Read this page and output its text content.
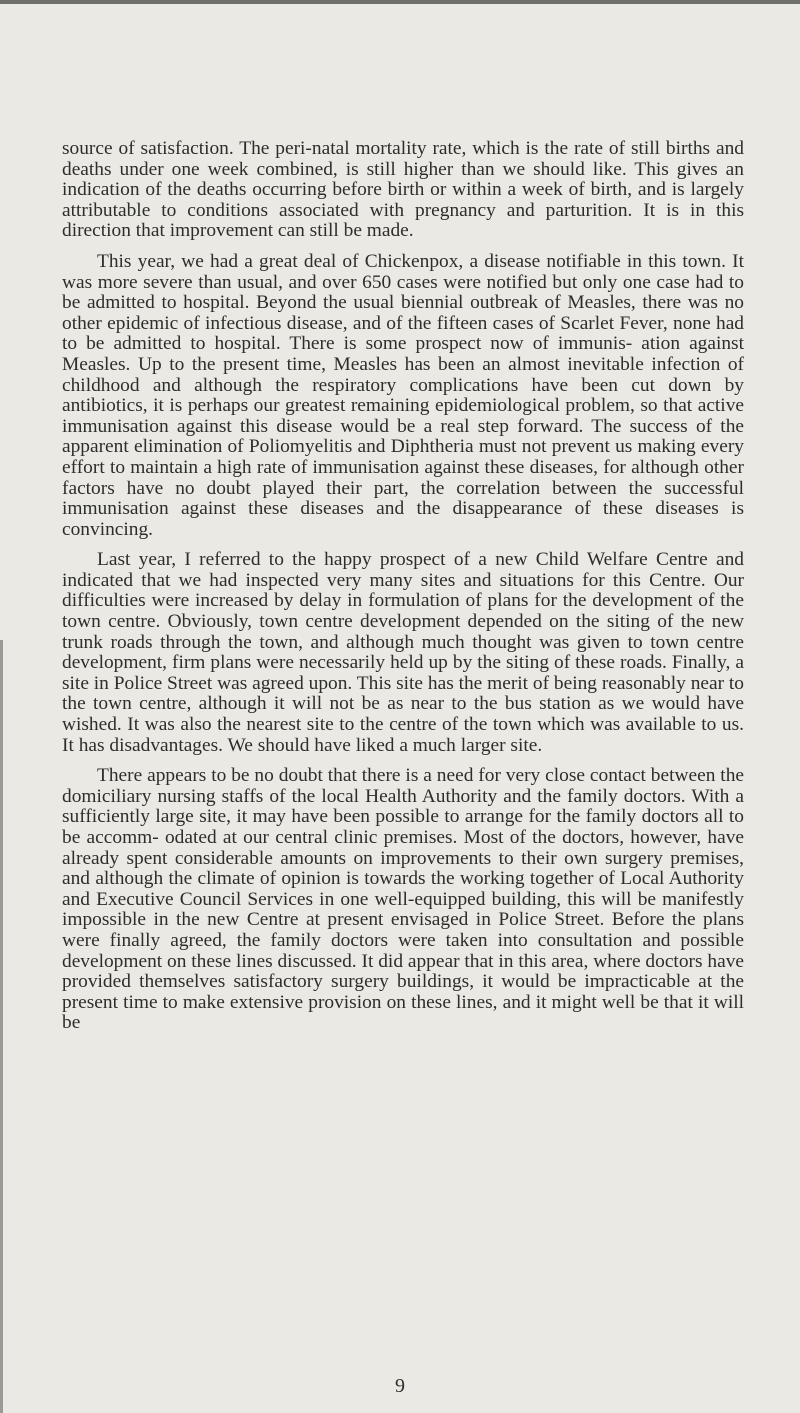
source of satisfaction. The peri-natal mortality rate, which is the rate of still births and deaths under one week combined, is still higher than we should like. This gives an indication of the deaths occurring before birth or within a week of birth, and is largely attributable to conditions associated with pregnancy and parturition. It is in this direction that improvement can still be made.

This year, we had a great deal of Chickenpox, a disease notifiable in this town. It was more severe than usual, and over 650 cases were notified but only one case had to be admitted to hospital. Beyond the usual biennial outbreak of Measles, there was no other epidemic of infectious disease, and of the fifteen cases of Scarlet Fever, none had to be admitted to hospital. There is some prospect now of immunis- ation against Measles. Up to the present time, Measles has been an almost inevitable infection of childhood and although the respiratory complications have been cut down by antibiotics, it is perhaps our greatest remaining epidemiological problem, so that active immunisation against this disease would be a real step forward. The success of the apparent elimination of Poliomyelitis and Diphtheria must not prevent us making every effort to maintain a high rate of immunisation against these diseases, for although other factors have no doubt played their part, the correlation between the successful immunisation against these diseases and the disappearance of these diseases is convincing.

Last year, I referred to the happy prospect of a new Child Welfare Centre and indicated that we had inspected very many sites and situations for this Centre. Our difficulties were increased by delay in formulation of plans for the development of the town centre. Obviously, town centre development depended on the siting of the new trunk roads through the town, and although much thought was given to town centre development, firm plans were necessarily held up by the siting of these roads. Finally, a site in Police Street was agreed upon. This site has the merit of being reasonably near to the town centre, although it will not be as near to the bus station as we would have wished. It was also the nearest site to the centre of the town which was available to us. It has disadvantages. We should have liked a much larger site.

There appears to be no doubt that there is a need for very close contact between the domiciliary nursing staffs of the local Health Authority and the family doctors. With a sufficiently large site, it may have been possible to arrange for the family doctors all to be accomm- odated at our central clinic premises. Most of the doctors, however, have already spent considerable amounts on improvements to their own surgery premises, and although the climate of opinion is towards the working together of Local Authority and Executive Council Services in one well-equipped building, this will be manifestly impossible in the new Centre at present envisaged in Police Street. Before the plans were finally agreed, the family doctors were taken into consultation and possible development on these lines discussed. It did appear that in this area, where doctors have provided themselves satisfactory surgery buildings, it would be impracticable at the present time to make extensive provision on these lines, and it might well be that it will be

9
